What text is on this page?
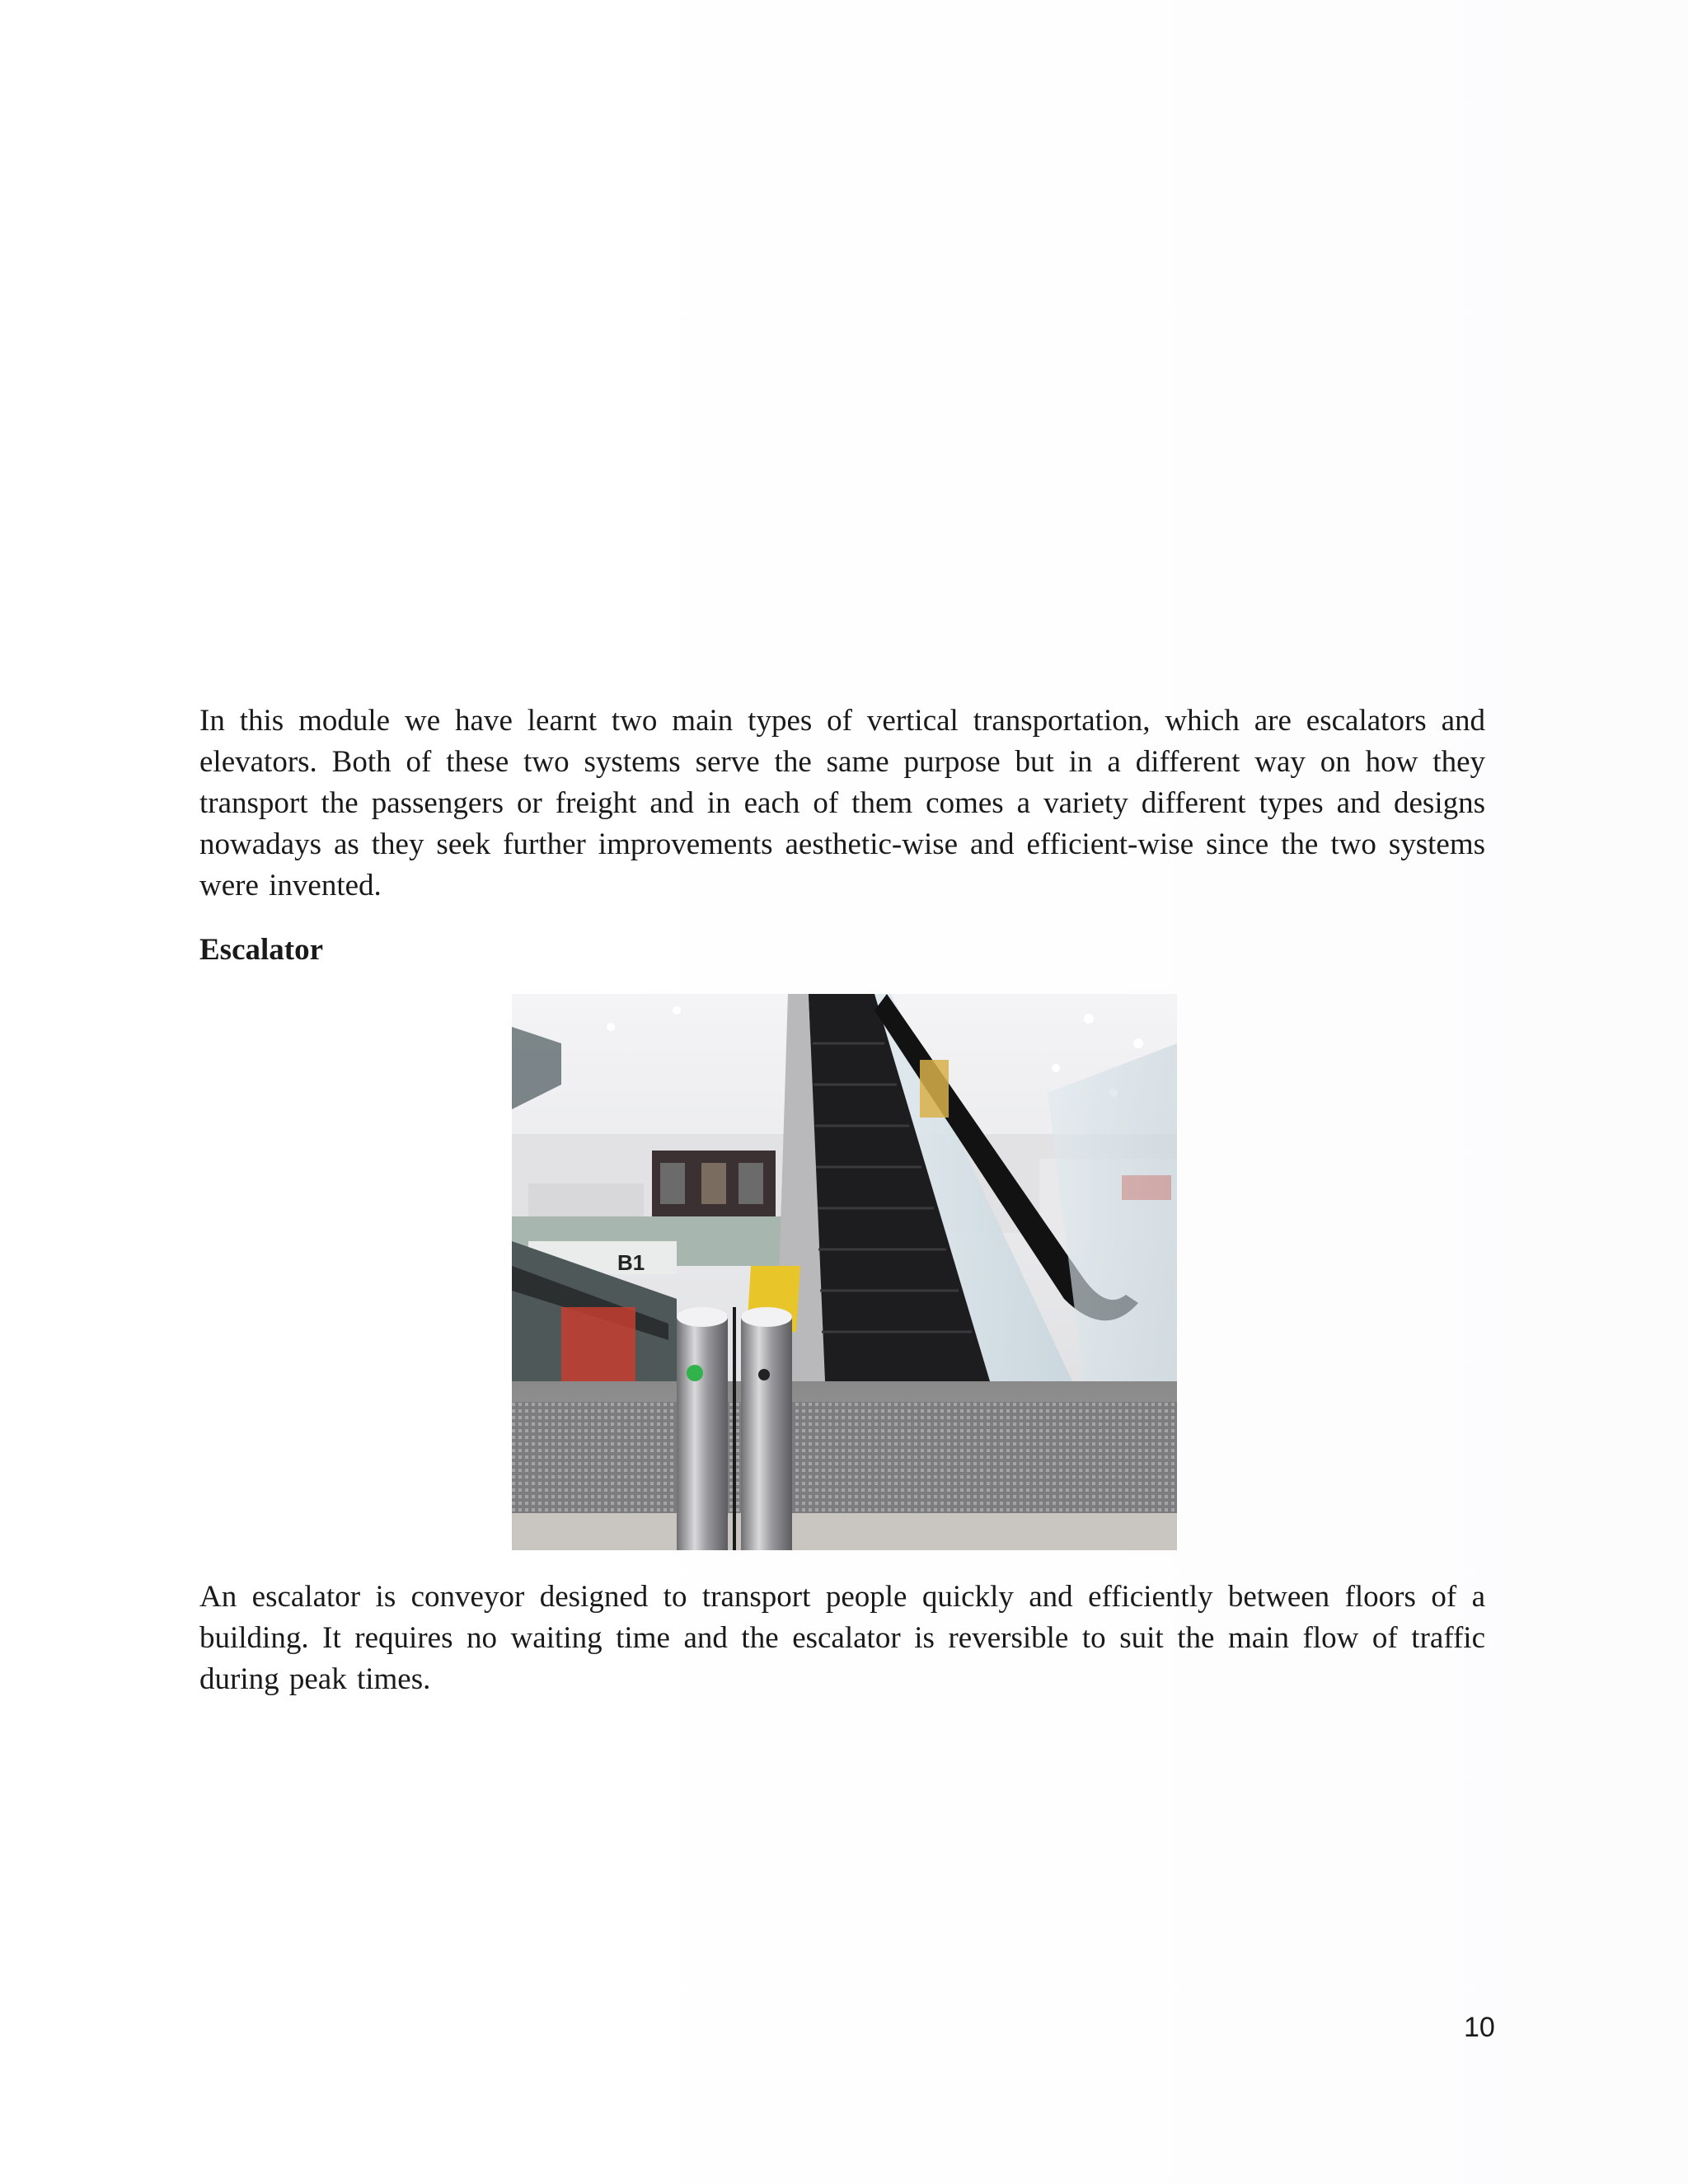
In this module we have learnt two main types of vertical transportation, which are escalators and elevators. Both of these two systems serve the same purpose but in a different way on how they transport the passengers or freight and in each of them comes a variety different types and designs nowadays as they seek further improvements aesthetic-wise and efficient-wise since the two systems were invented.

Escalator
B1

An escalator is conveyor designed to transport people quickly and efficiently between floors of a building. It requires no waiting time and the escalator is reversible to suit the main flow of traffic during peak times.

10
